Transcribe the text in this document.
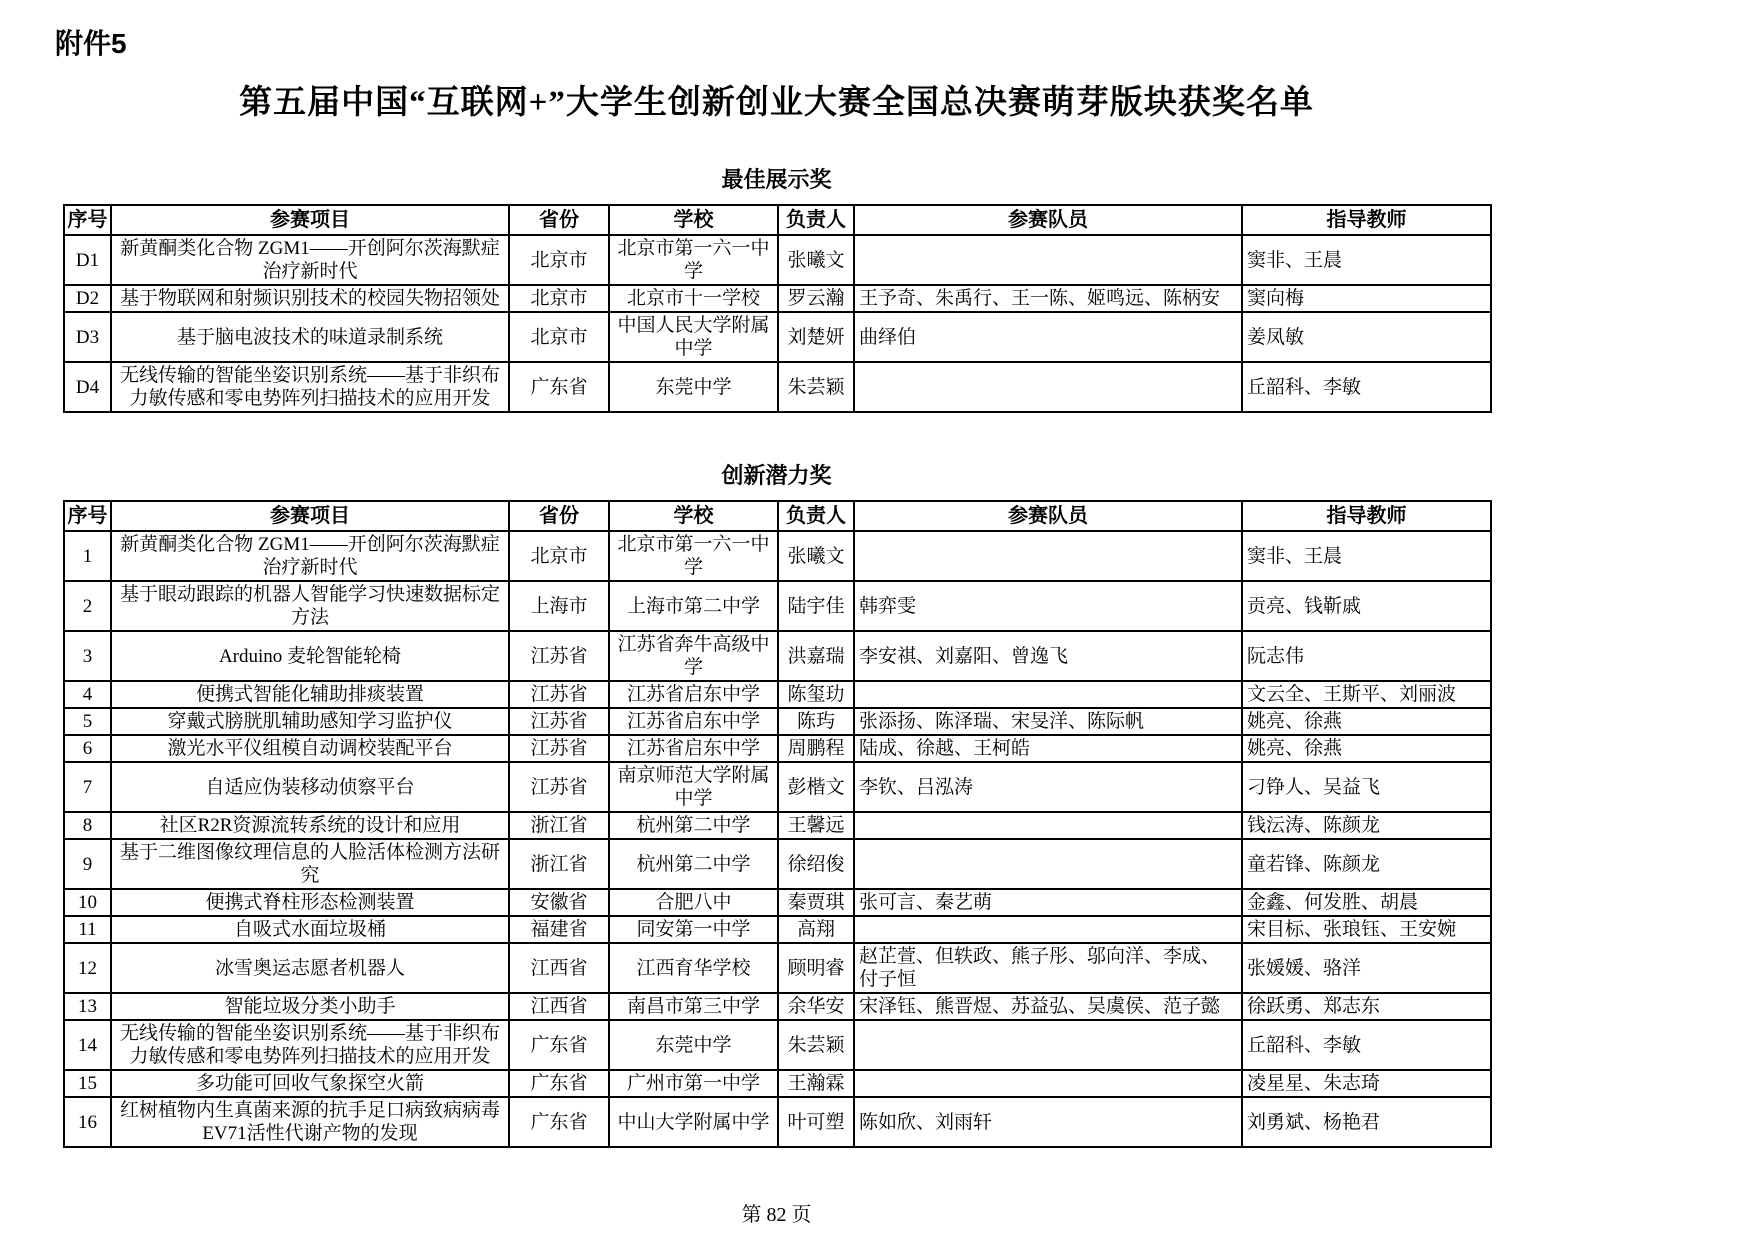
附件5
第五届中国“互联网+”大学生创新创业大赛全国总决赛萌芽版块获奖名单
最佳展示奖
序号	参赛项目	省份	学校	负责人	参赛队员	指导教师
D1	新黄酮类化合物 ZGM1——开创阿尔茨海默症治疗新时代	北京市	北京市第一六一中学	张曦文		窦非、王晨
D2	基于物联网和射频识别技术的校园失物招领处	北京市	北京市十一学校	罗云瀚	王予奇、朱禹行、王一陈、姬鸣远、陈柄安	窦向梅
D3	基于脑电波技术的味道录制系统	北京市	中国人民大学附属中学	刘楚妍	曲绎伯	姜凤敏
D4	无线传输的智能坐姿识别系统——基于非织布力敏传感和零电势阵列扫描技术的应用开发	广东省	东莞中学	朱芸颖		丘韶科、李敏
创新潜力奖
序号	参赛项目	省份	学校	负责人	参赛队员	指导教师
1	新黄酮类化合物 ZGM1——开创阿尔茨海默症治疗新时代	北京市	北京市第一六一中学	张曦文		窦非、王晨
2	基于眼动跟踪的机器人智能学习快速数据标定方法	上海市	上海市第二中学	陆宇佳	韩弈雯	贡亮、钱靳戚
3	Arduino 麦轮智能轮椅	江苏省	江苏省奔牛高级中学	洪嘉瑞	李安祺、刘嘉阳、曾逸飞	阮志伟
4	便携式智能化辅助排痰装置	江苏省	江苏省启东中学	陈玺玏		文云全、王斯平、刘丽波
5	穿戴式膀胱肌辅助感知学习监护仪	江苏省	江苏省启东中学	陈玙	张添扬、陈泽瑞、宋旻洋、陈际帆	姚亮、徐燕
6	激光水平仪组模自动调校装配平台	江苏省	江苏省启东中学	周鹏程	陆成、徐越、王柯皓	姚亮、徐燕
7	自适应伪装移动侦察平台	江苏省	南京师范大学附属中学	彭楷文	李钦、吕泓涛	刁铮人、吴益飞
8	社区R2R资源流转系统的设计和应用	浙江省	杭州第二中学	王馨远		钱沄涛、陈颜龙
9	基于二维图像纹理信息的人脸活体检测方法研究	浙江省	杭州第二中学	徐绍俊		童若锋、陈颜龙
10	便携式脊柱形态检测装置	安徽省	合肥八中	秦贾琪	张可言、秦艺萌	金鑫、何发胜、胡晨
11	自吸式水面垃圾桶	福建省	同安第一中学	高翔		宋目标、张琅钰、王安婉
12	冰雪奥运志愿者机器人	江西省	江西育华学校	顾明睿	赵芷萱、但轶政、熊子彤、邬向洋、李成、付子恒	张媛媛、骆洋
13	智能垃圾分类小助手	江西省	南昌市第三中学	余华安	宋泽钰、熊晋煜、苏益弘、吴虞侯、范子懿	徐跃勇、郑志东
14	无线传输的智能坐姿识别系统——基于非织布力敏传感和零电势阵列扫描技术的应用开发	广东省	东莞中学	朱芸颖		丘韶科、李敏
15	多功能可回收气象探空火箭	广东省	广州市第一中学	王瀚霖		凌星星、朱志琦
16	红树植物内生真菌来源的抗手足口病致病病毒EV71活性代谢产物的发现	广东省	中山大学附属中学	叶可塑	陈如欣、刘雨轩	刘勇斌、杨艳君
第 82 页
